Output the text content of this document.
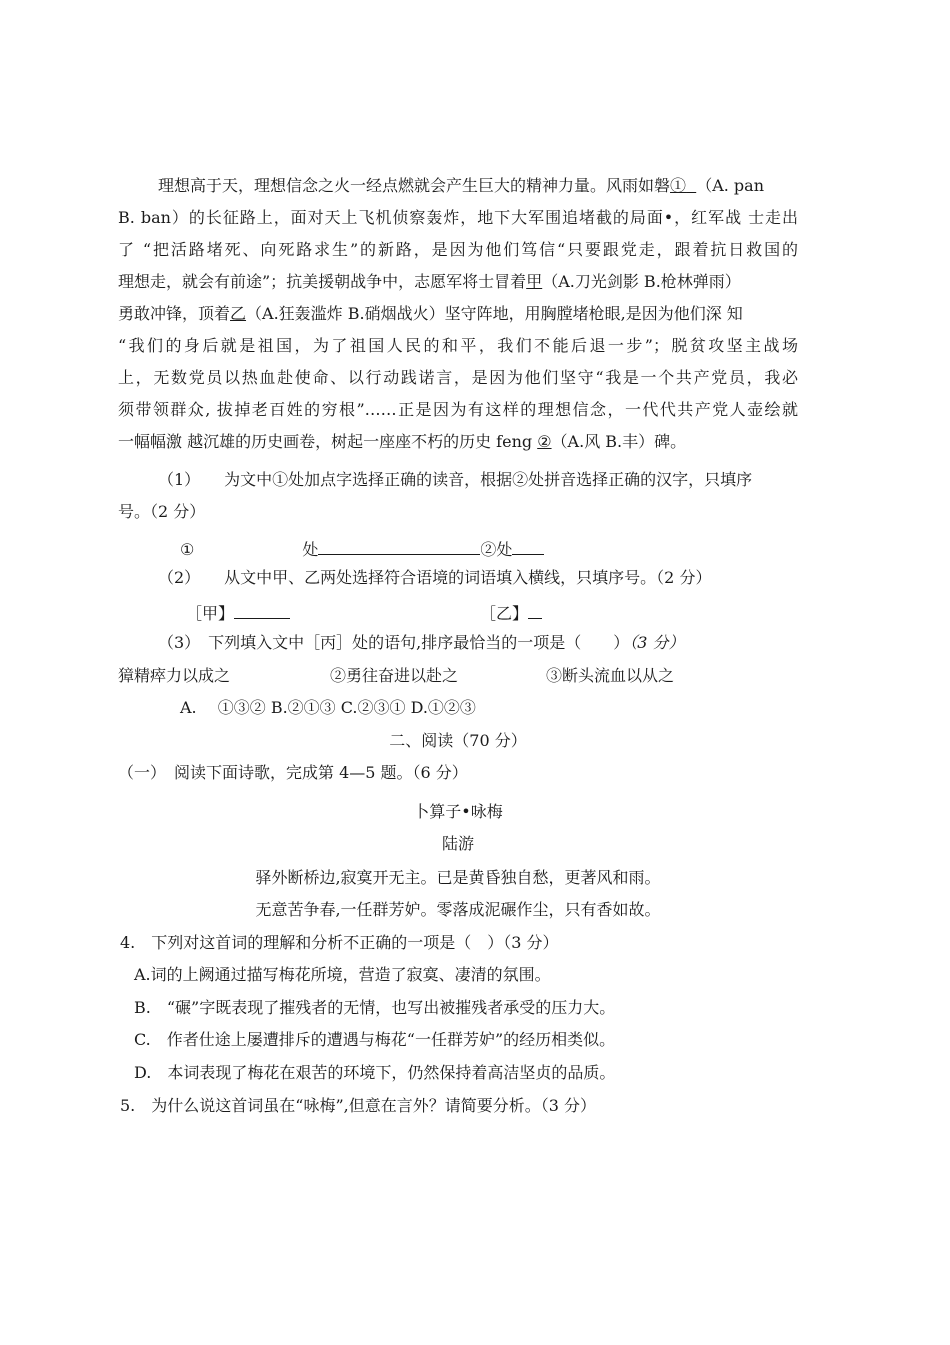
理想高于天，理想信念之火一经点燃就会产生巨大的精神力量。风雨如磐① （A. pan
B. ban）的长征路上，面对天上飞机侦察轰炸，地下大军围追堵截的局面•，红军战 士走出
了 “把活路堵死、向死路求生”的新路，是因为他们笃信“只要跟党走，跟着抗日救国的
理想走，就会有前途”；抗美援朝战争中，志愿军将士冒着甲（A.刀光剑影 B.枪林弹雨）
勇敢冲锋，顶着乙（A.狂轰滥炸 B.硝烟战火）坚守阵地，用胸膛堵枪眼,是因为他们深 知
“我们的身后就是祖国，为了祖国人民的和平，我们不能后退一步”；脱贫攻坚主战场
上，无数党员以热血赴使命、以行动践诺言，是因为他们坚守“我是一个共产党员，我必
须带领群众, 拔掉老百姓的穷根”……正是因为有这样的理想信念，一代代共产党人壶绘就
一幅幅激 越沉雄的历史画卷，树起一座座不朽的历史 feng ②（A.风 B.丰）碑。
（1）　　为文中①处加点字选择正确的读音，根据②处拼音选择正确的汉字，只填序
号。（2 分）
①	处	②处
（2）　　从文中甲、乙两处选择符合语境的词语填入横线，只填序号。（2 分）
［甲】	［乙】
（3）　下列填入文中［丙］处的语句,排序最恰当的一项是（　　）（3 分）
獐精瘁力以成之	②勇往奋进以赴之	③断头流血以从之
A.　 ①③② B.②①③ C.②③① D.①②③
二、阅读（70 分）
（一）　阅读下面诗歌，完成第 4—5 题。（6 分）
卜算子•咏梅
陆游
驿外断桥边,寂寞开无主。已是黄昏独自愁，更著风和雨。
无意苦争春,一任群芳妒。零落成泥碾作尘，只有香如故。
4.　下列对这首词的理解和分析不正确的一项是（　）（3 分）
A.词的上阙通过描写梅花所境，营造了寂寞、凄清的氛围。
B.　“碾”字既表现了摧残者的无情，也写出被摧残者承受的压力大。
C.　作者仕途上屡遭排斥的遭遇与梅花“一任群芳妒”的经历相类似。
D.　本词表现了梅花在艰苦的环境下，仍然保持着高洁坚贞的品质。
5.　为什么说这首词虽在“咏梅”,但意在言外？请简要分析。（3 分）
